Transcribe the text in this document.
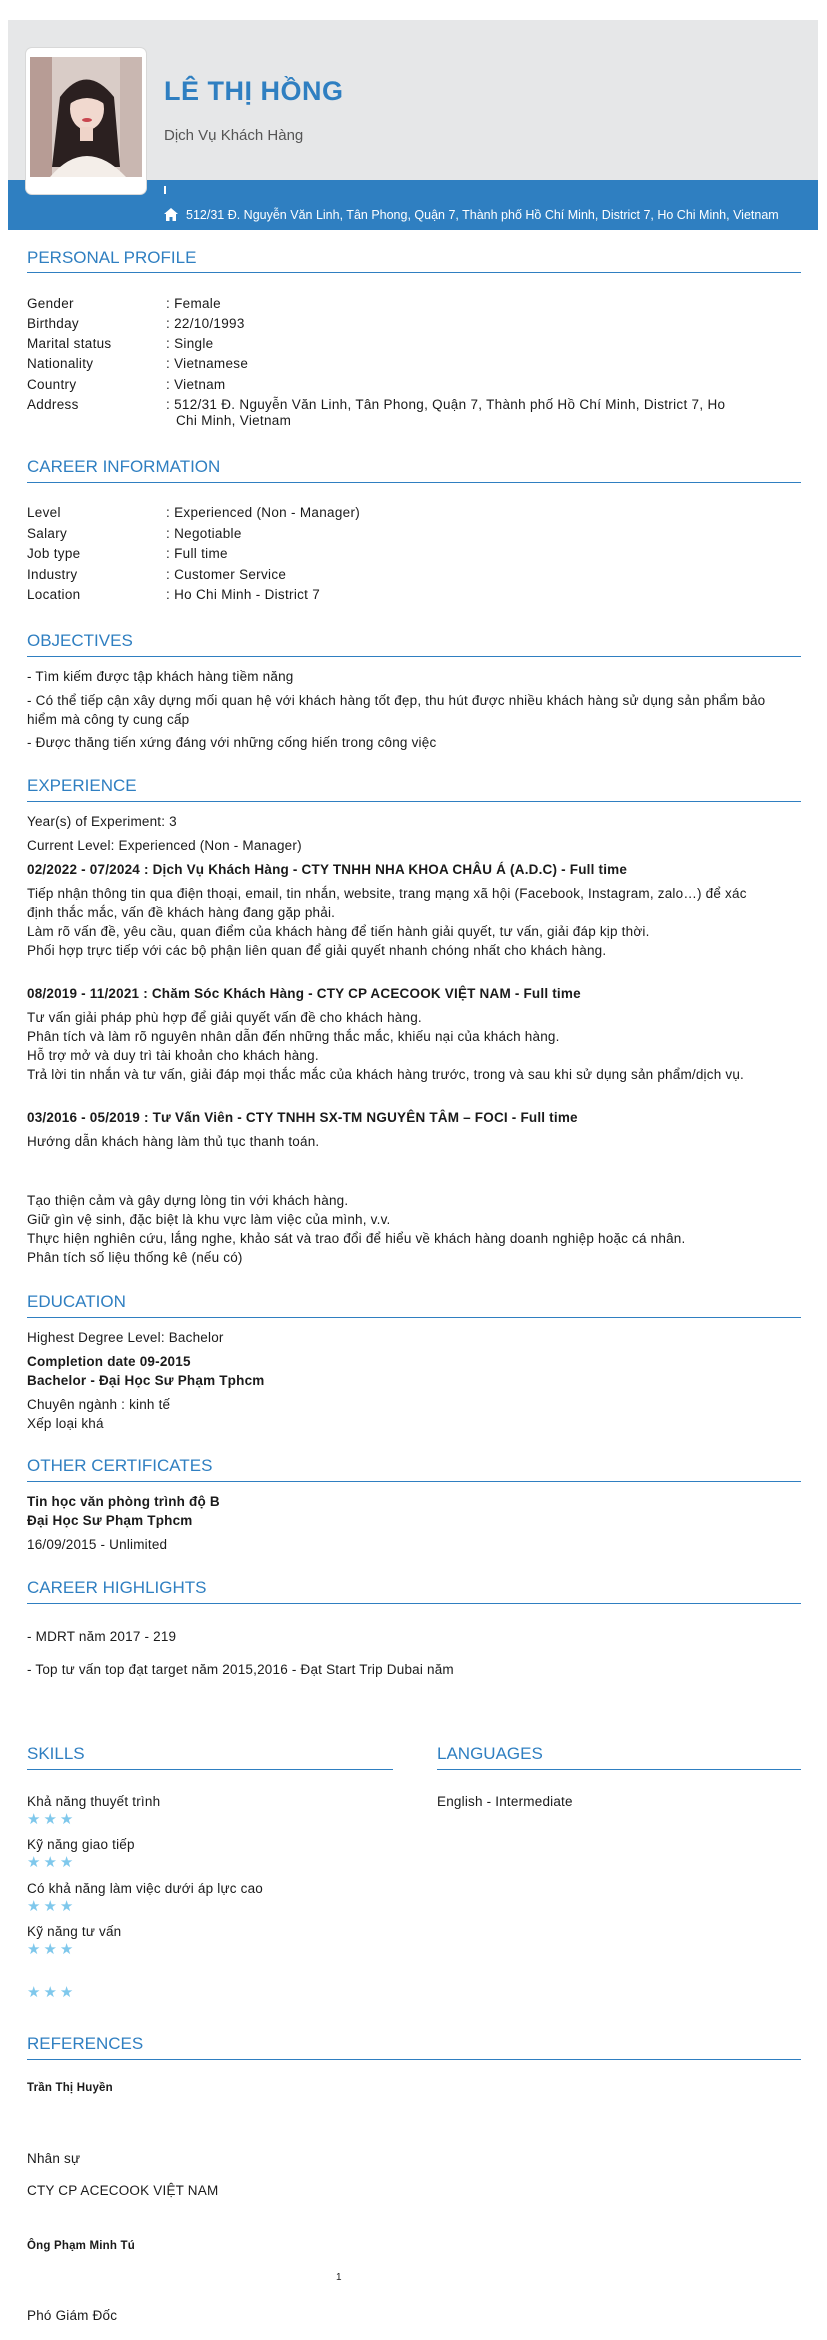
LÊ THỊ HỒNG
Dịch Vụ Khách Hàng
512/31 Đ. Nguyễn Văn Linh, Tân Phong, Quận 7, Thành phố Hồ Chí Minh, District 7, Ho Chi Minh, Vietnam
PERSONAL PROFILE
Gender	: Female
Birthday	: 22/10/1993
Marital status	: Single
Nationality	: Vietnamese
Country	: Vietnam
Address	: 512/31 Đ. Nguyễn Văn Linh, Tân Phong, Quận 7, Thành phố Hồ Chí Minh, District 7, Ho
Chi Minh, Vietnam
CAREER INFORMATION
Level	: Experienced (Non - Manager)
Salary	: Negotiable
Job type	: Full time
Industry	: Customer Service
Location	: Ho Chi Minh - District 7
OBJECTIVES
- Tìm kiếm được tập khách hàng tiềm năng
- Có thể tiếp cận xây dựng mối quan hệ với khách hàng tốt đẹp, thu hút được nhiều khách hàng sử dụng sản phẩm bảo
hiểm mà công ty cung cấp
- Được thăng tiến xứng đáng với những cống hiến trong công việc
EXPERIENCE
Year(s) of Experiment: 3
Current Level: Experienced (Non - Manager)
02/2022 - 07/2024 : Dịch Vụ Khách Hàng - CTY TNHH NHA KHOA CHÂU Á (A.D.C) - Full time
Tiếp nhận thông tin qua điện thoại, email, tin nhắn, website, trang mạng xã hội (Facebook, Instagram, zalo…) để xác
định thắc mắc, vấn đề khách hàng đang gặp phải.
Làm rõ vấn đề, yêu cầu, quan điểm của khách hàng để tiến hành giải quyết, tư vấn, giải đáp kịp thời.
Phối hợp trực tiếp với các bộ phận liên quan để giải quyết nhanh chóng nhất cho khách hàng.
08/2019 - 11/2021 : Chăm Sóc Khách Hàng - CTY CP ACECOOK VIỆT NAM - Full time
Tư vấn giải pháp phù hợp để giải quyết vấn đề cho khách hàng.
Phân tích và làm rõ nguyên nhân dẫn đến những thắc mắc, khiếu nại của khách hàng.
Hỗ trợ mở và duy trì tài khoản cho khách hàng.
Trả lời tin nhắn và tư vấn, giải đáp mọi thắc mắc của khách hàng trước, trong và sau khi sử dụng sản phẩm/dịch vụ.
03/2016 - 05/2019 : Tư Vấn Viên - CTY TNHH SX-TM NGUYÊN TÂM – FOCI - Full time
Hướng dẫn khách hàng làm thủ tục thanh toán.
Tạo thiện cảm và gây dựng lòng tin với khách hàng.
Giữ gìn vệ sinh, đặc biệt là khu vực làm việc của mình, v.v.
Thực hiện nghiên cứu, lắng nghe, khảo sát và trao đổi để hiểu về khách hàng doanh nghiệp hoặc cá nhân.
Phân tích số liệu thống kê (nếu có)
EDUCATION
Highest Degree Level: Bachelor
Completion date 09-2015
Bachelor - Đại Học Sư Phạm Tphcm
Chuyên ngành : kinh tế
Xếp loại khá
OTHER CERTIFICATES
Tin học văn phòng trình độ B
Đại Học Sư Phạm Tphcm
16/09/2015 - Unlimited
CAREER HIGHLIGHTS
- MDRT năm 2017 - 219
- Top tư vấn top đạt target năm 2015,2016 - Đạt Start Trip Dubai năm
SKILLS
Khả năng thuyết trình
★★★
Kỹ năng giao tiếp
★★★
Có khả năng làm việc dưới áp lực cao
★★★
Kỹ năng tư vấn
★★★
★★★
LANGUAGES
English - Intermediate
REFERENCES
Trần Thị Huyền
Nhân sự
CTY CP ACECOOK VIỆT NAM
Ông Phạm Minh Tú
1
Phó Giám Đốc
